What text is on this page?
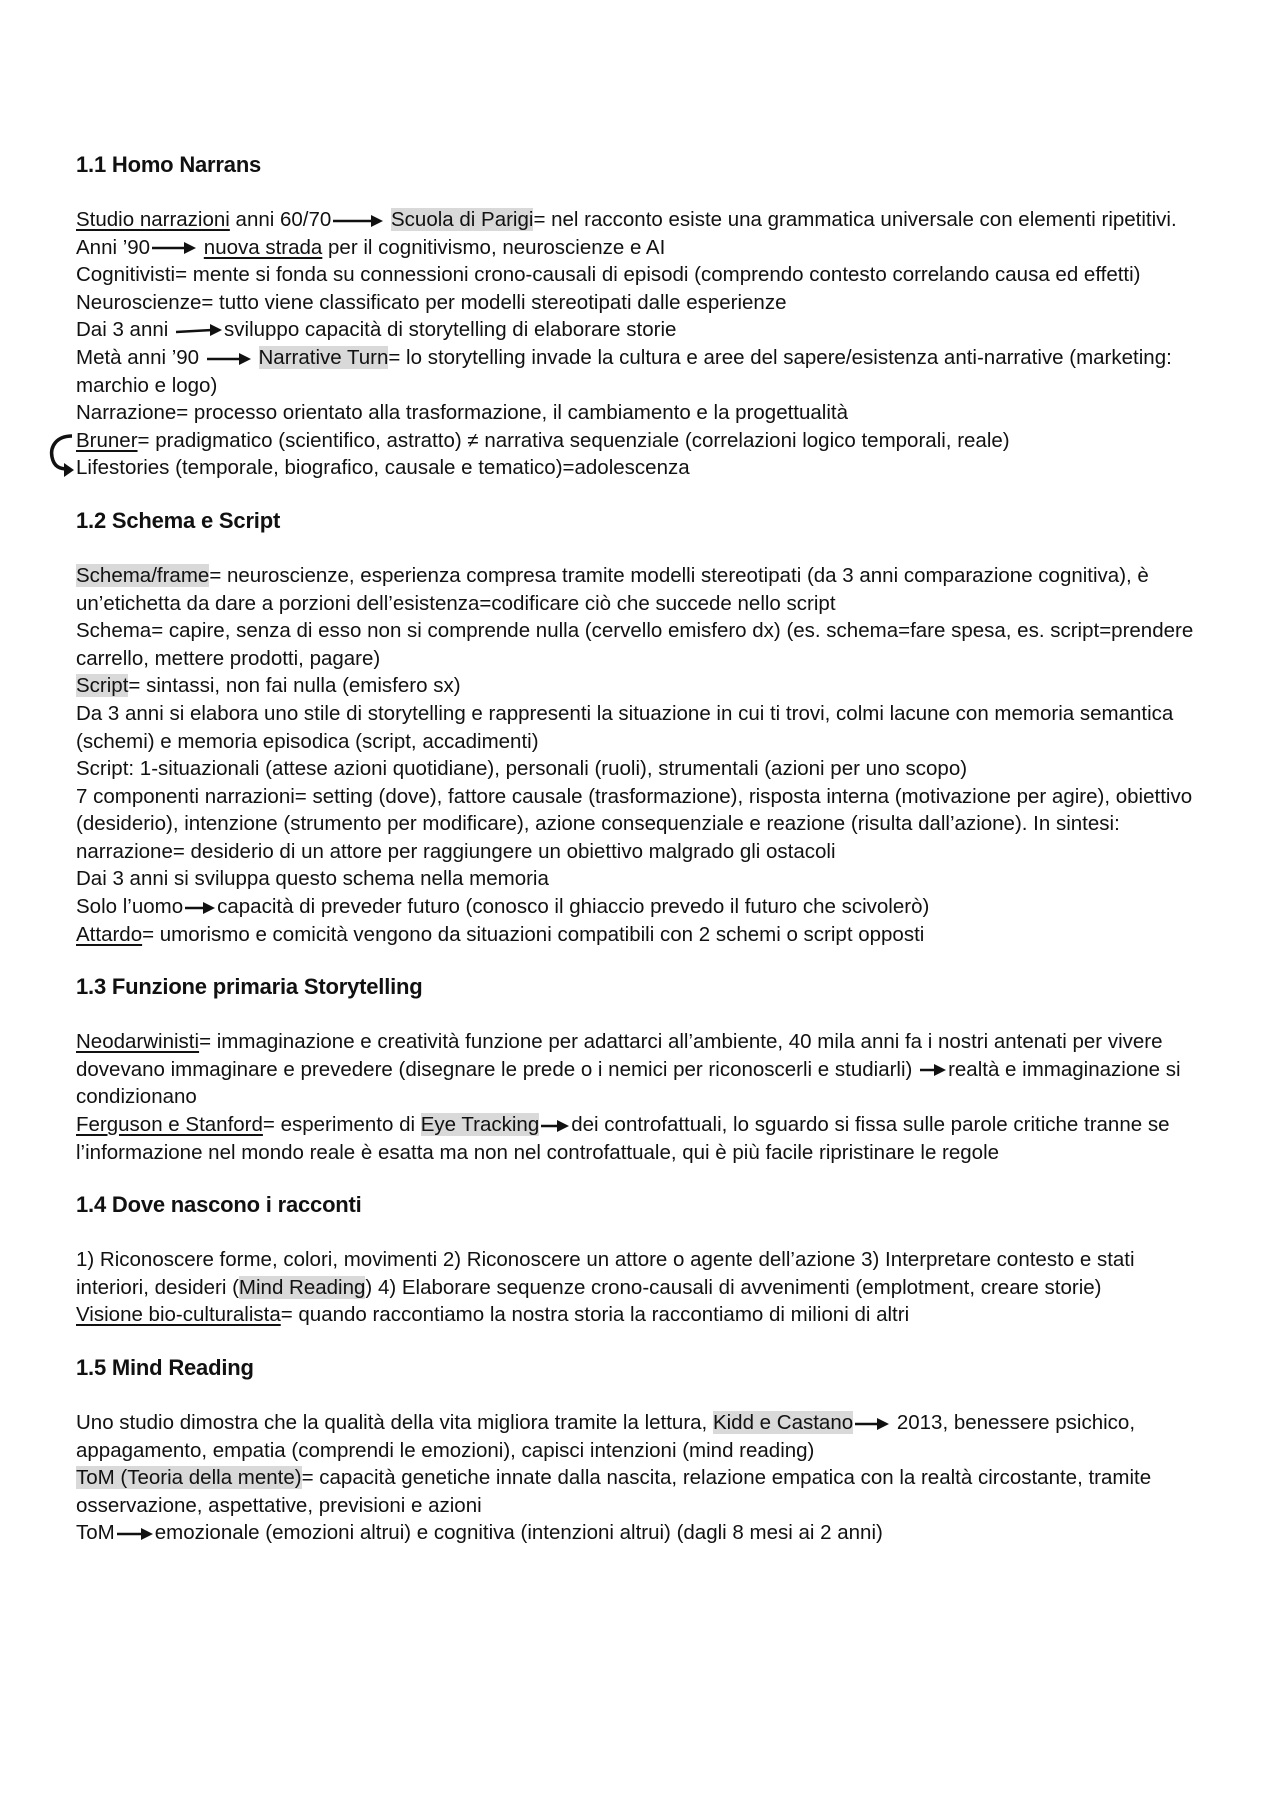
1.1 Homo Narrans
Studio narrazioni anni 60/70	Scuola di Parigi= nel racconto esiste una grammatica universale con elementi ripetitivi.
Anni ’90	nuova strada per il cognitivismo, neuroscienze e AI
Cognitivisti= mente si fonda su connessioni crono-causali di episodi (comprendo contesto correlando causa ed effetti)
Neuroscienze= tutto viene classificato per modelli stereotipati dalle esperienze
Dai 3 anni	sviluppo capacità di storytelling di elaborare storie
Metà anni ’90	Narrative Turn= lo storytelling invade la cultura e aree del sapere/esistenza anti-narrative (marketing: marchio e logo)
Narrazione= processo orientato alla trasformazione, il cambiamento e la progettualità
Bruner= pradigmatico (scientifico, astratto) ≠ narrativa sequenziale (correlazioni logico temporali, reale)
Lifestories (temporale, biografico, causale e tematico)=adolescenza
1.2 Schema e Script
Schema/frame= neuroscienze, esperienza compresa tramite modelli stereotipati (da 3 anni comparazione cognitiva), è un’etichetta da dare a porzioni dell’esistenza=codificare ciò che succede nello script
Schema= capire, senza di esso non si comprende nulla (cervello emisfero dx) (es. schema=fare spesa, es. script=prendere carrello, mettere prodotti, pagare)
Script= sintassi, non fai nulla (emisfero sx)
Da 3 anni si elabora uno stile di storytelling e rappresenti la situazione in cui ti trovi, colmi lacune con memoria semantica (schemi) e memoria episodica (script, accadimenti)
Script: 1-situazionali (attese azioni quotidiane), personali (ruoli), strumentali (azioni per uno scopo)
7 componenti narrazioni= setting (dove), fattore causale (trasformazione), risposta interna (motivazione per agire), obiettivo (desiderio), intenzione (strumento per modificare), azione consequenziale e reazione (risulta dall’azione). In sintesi: narrazione= desiderio di un attore per raggiungere un obiettivo malgrado gli ostacoli
Dai 3 anni si sviluppa questo schema nella memoria
Solo l’uomo capacità di preveder futuro (conosco il ghiaccio prevedo il futuro che scivolerò)
Attardo= umorismo e comicità vengono da situazioni compatibili con 2 schemi o script opposti
1.3 Funzione primaria Storytelling
Neodarwinisti= immaginazione e creatività funzione per adattarci all’ambiente, 40 mila anni fa i nostri antenati per vivere dovevano immaginare e prevedere (disegnare le prede o i nemici per riconoscerli e studiarli) realtà e immaginazione si condizionano
Ferguson e Stanford= esperimento di Eye Tracking dei controfattuali, lo sguardo si fissa sulle parole critiche tranne se l’informazione nel mondo reale è esatta ma non nel controfattuale, qui è più facile ripristinare le regole
1.4 Dove nascono i racconti
1) Riconoscere forme, colori, movimenti 2) Riconoscere un attore o agente dell’azione 3) Interpretare contesto e stati interiori, desideri (Mind Reading) 4) Elaborare sequenze crono-causali di avvenimenti (emplotment, creare storie)
Visione bio-culturalista= quando raccontiamo la nostra storia la raccontiamo di milioni di altri
1.5 Mind Reading
Uno studio dimostra che la qualità della vita migliora tramite la lettura, Kidd e Castano
2013, benessere psichico, appagamento, empatia (comprendi le emozioni), capisci intenzioni (mind reading)
ToM (Teoria della mente)= capacità genetiche innate dalla nascita, relazione empatica con la realtà circostante, tramite osservazione, aspettative, previsioni e azioni
ToM emozionale (emozioni altrui) e cognitiva (intenzioni altrui) (dagli 8 mesi ai 2 anni)
